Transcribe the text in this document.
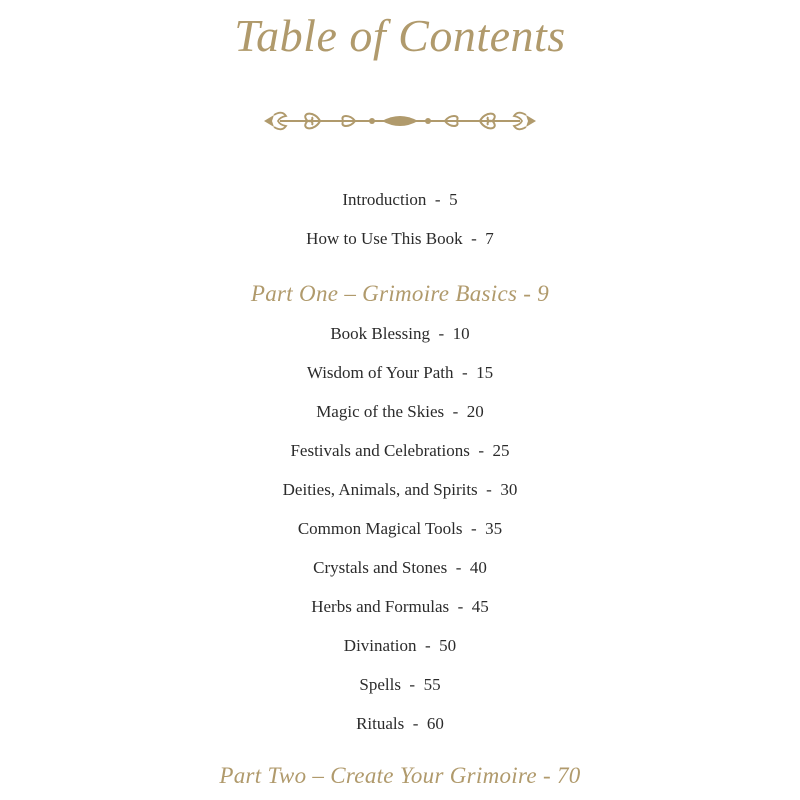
Table of Contents
Introduction  -  5
How to Use This Book  -  7
Part One – Grimoire Basics - 9
Book Blessing  -  10
Wisdom of Your Path  -  15
Magic of the Skies  -  20
Festivals and Celebrations  -  25
Deities, Animals, and Spirits  -  30
Common Magical Tools  -  35
Crystals and Stones  -  40
Herbs and Formulas  -  45
Divination  -  50
Spells  -  55
Rituals  -  60
Part Two – Create Your Grimoire - 70
